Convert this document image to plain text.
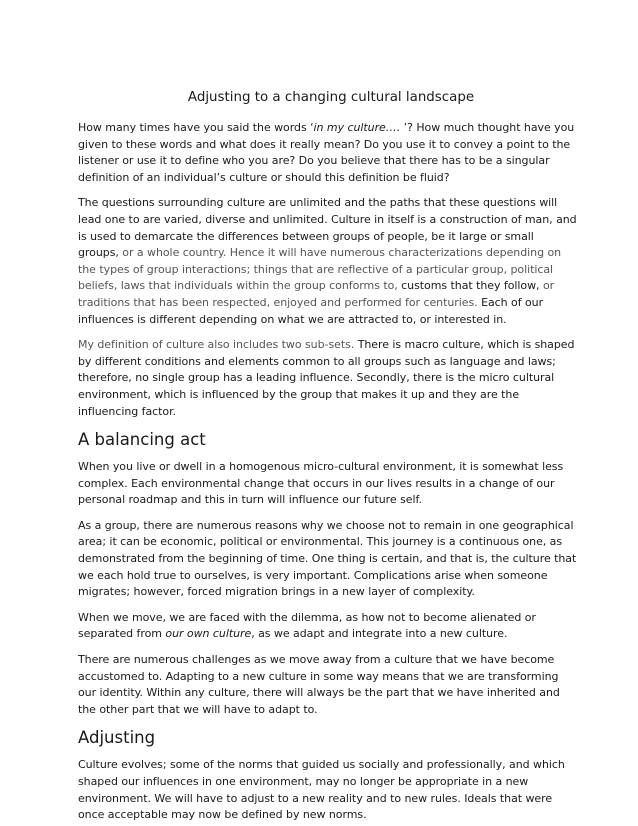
Adjusting to a changing cultural landscape

How many times have you said the words ‘in my culture…. ’? How much thought have you given to these words and what does it really mean? Do you use it to convey a point to the listener or use it to define who you are? Do you believe that there has to be a singular definition of an individual’s culture or should this definition be fluid?

The questions surrounding culture are unlimited and the paths that these questions will lead one to are varied, diverse and unlimited. Culture in itself is a construction of man, and is used to demarcate the differences between groups of people, be it large or small groups, or a whole country. Hence it will have numerous characterizations depending on the types of group interactions; things that are reflective of a particular group, political beliefs, laws that individuals within the group conforms to, customs that they follow, or traditions that has been respected, enjoyed and performed for centuries. Each of our influences is different depending on what we are attracted to, or interested in.

My definition of culture also includes two sub-sets. There is macro culture, which is shaped by different conditions and elements common to all groups such as language and laws; therefore, no single group has a leading influence. Secondly, there is the micro cultural environment, which is influenced by the group that makes it up and they are the influencing factor.

A balancing act

When you live or dwell in a homogenous micro-cultural environment, it is somewhat less complex. Each environmental change that occurs in our lives results in a change of our personal roadmap and this in turn will influence our future self.

As a group, there are numerous reasons why we choose not to remain in one geographical area; it can be economic, political or environmental. This journey is a continuous one, as demonstrated from the beginning of time. One thing is certain, and that is, the culture that we each hold true to ourselves, is very important. Complications arise when someone migrates; however, forced migration brings in a new layer of complexity.

When we move, we are faced with the dilemma, as how not to become alienated or separated from our own culture, as we adapt and integrate into a new culture.

There are numerous challenges as we move away from a culture that we have become accustomed to. Adapting to a new culture in some way means that we are transforming our identity. Within any culture, there will always be the part that we have inherited and the other part that we will have to adapt to.

Adjusting

Culture evolves; some of the norms that guided us socially and professionally, and which shaped our influences in one environment, may no longer be appropriate in a new environment. We will have to adjust to a new reality and to new rules. Ideals that were once acceptable may now be defined by new norms.
